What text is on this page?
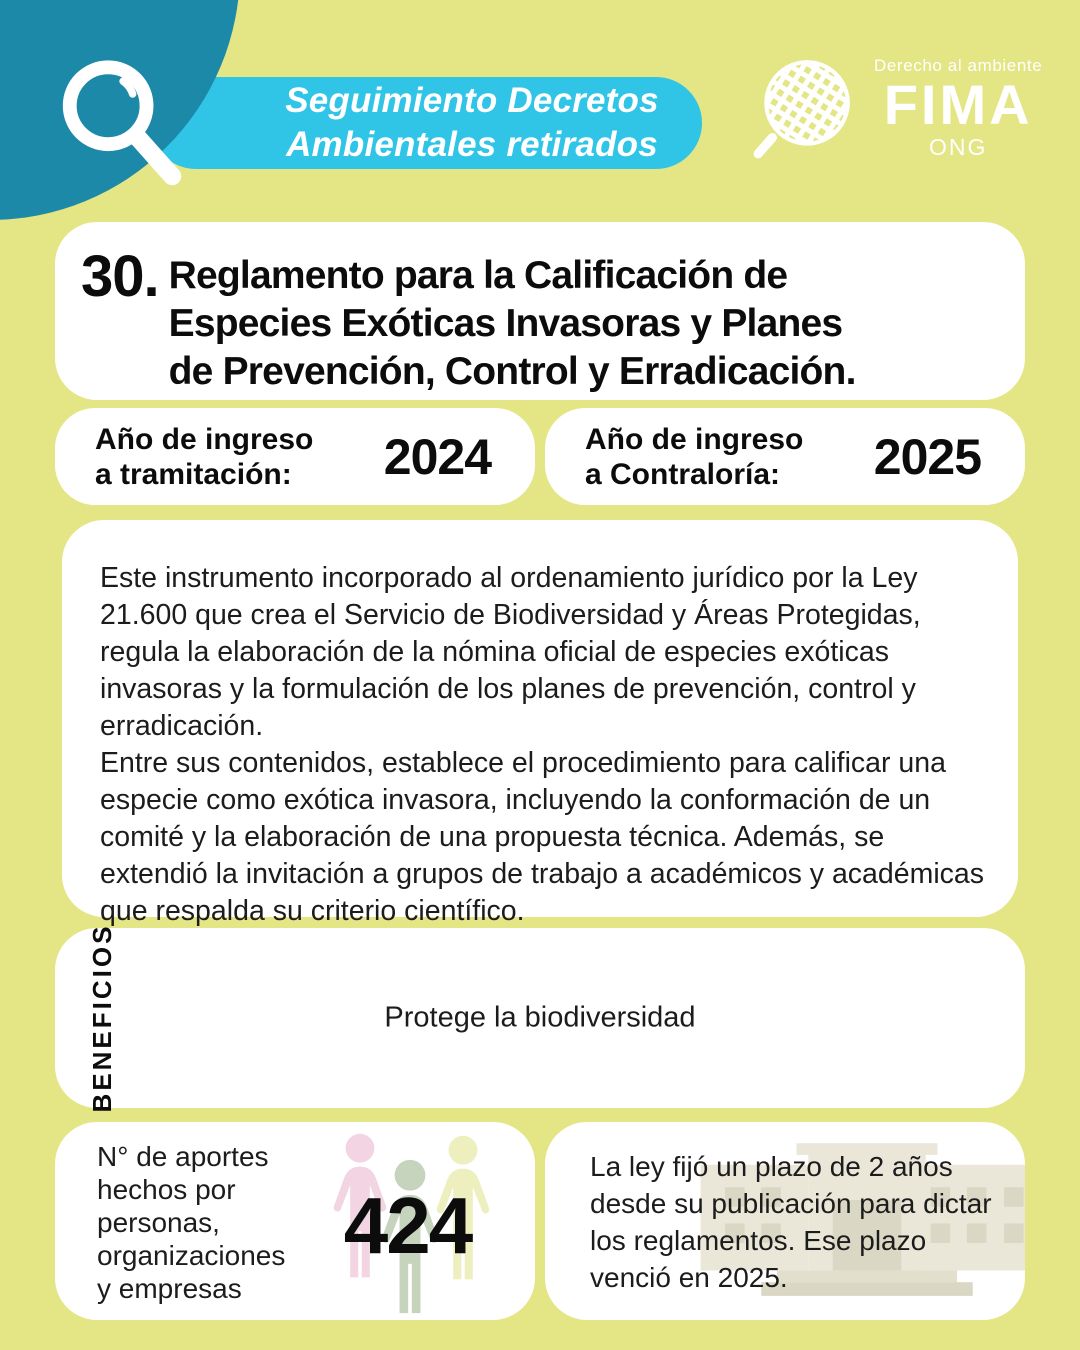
Seguimiento Decretos
Ambientales retirados
Derecho al ambiente
FIMA
ONG
30. Reglamento para la Calificación de
Especies Exóticas Invasoras y Planes
de Prevención, Control y Erradicación.
Año de ingreso
a tramitación:	2024	Año de ingreso
a Contraloría:	2025

Este instrumento incorporado al ordenamiento jurídico por la Ley 21.600 que crea el Servicio de Biodiversidad y Áreas Protegidas, regula la elaboración de la nómina oficial de especies exóticas invasoras y la formulación de los planes de prevención, control y erradicación.

Entre sus contenidos, establece el procedimiento para calificar una especie como exótica invasora, incluyendo la conformación de un comité y la elaboración de una propuesta técnica. Además, se extendió la invitación a grupos de trabajo a académicos y académicas que respalda su criterio científico.

BENEFICIOS	Protege la biodiversidad
N° de aportes
hechos por
personas,
organizaciones
y empresas
424
La ley fijó un plazo de 2 años desde su publicación para dictar los reglamentos. Ese plazo venció en 2025.
